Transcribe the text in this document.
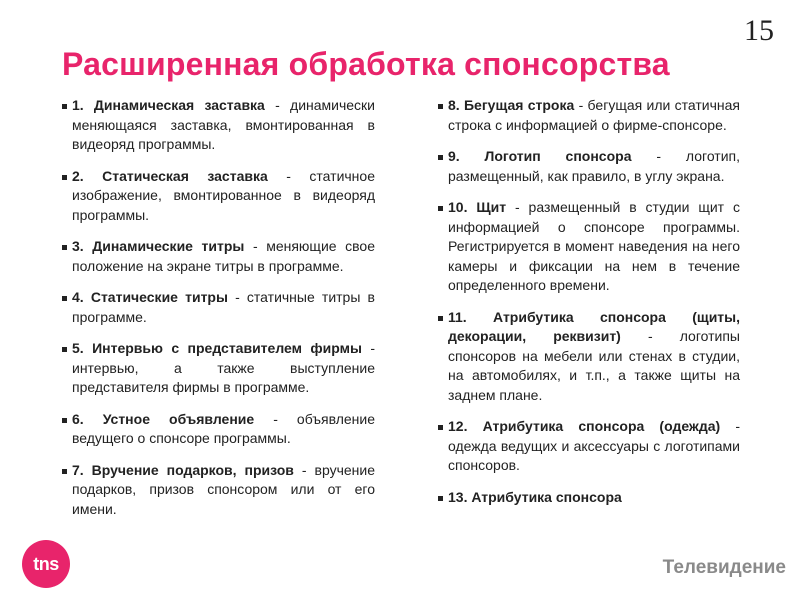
15
Расширенная обработка спонсорства
1. Динамическая заставка - динамически меняющаяся заставка, вмонтированная в видеоряд программы.
2. Статическая заставка - статичное изображение, вмонтированное в видеоряд программы.
3. Динамические титры - меняющие свое положение на экране титры в программе.
4. Статические титры - статичные титры в программе.
5. Интервью с представителем фирмы - интервью, а также выступление представителя фирмы в программе.
6. Устное объявление - объявление ведущего о спонсоре программы.
7. Вручение подарков, призов - вручение подарков, призов спонсором или от его имени.
8. Бегущая строка - бегущая или статичная строка с информацией о фирме-спонсоре.
9. Логотип спонсора - логотип, размещенный, как правило, в углу экрана.
10. Щит - размещенный в студии щит с информацией о спонсоре программы. Регистрируется в момент наведения на него камеры и фиксации на нем в течение определенного времени.
11. Атрибутика спонсора (щиты, декорации, реквизит) - логотипы спонсоров на мебели или стенах в студии, на автомобилях, и т.п., а также щиты на заднем плане.
12. Атрибутика спонсора (одежда) - одежда ведущих и аксессуары с логотипами спонсоров.
13. Атрибутика спонсора
tns	Телевидение
